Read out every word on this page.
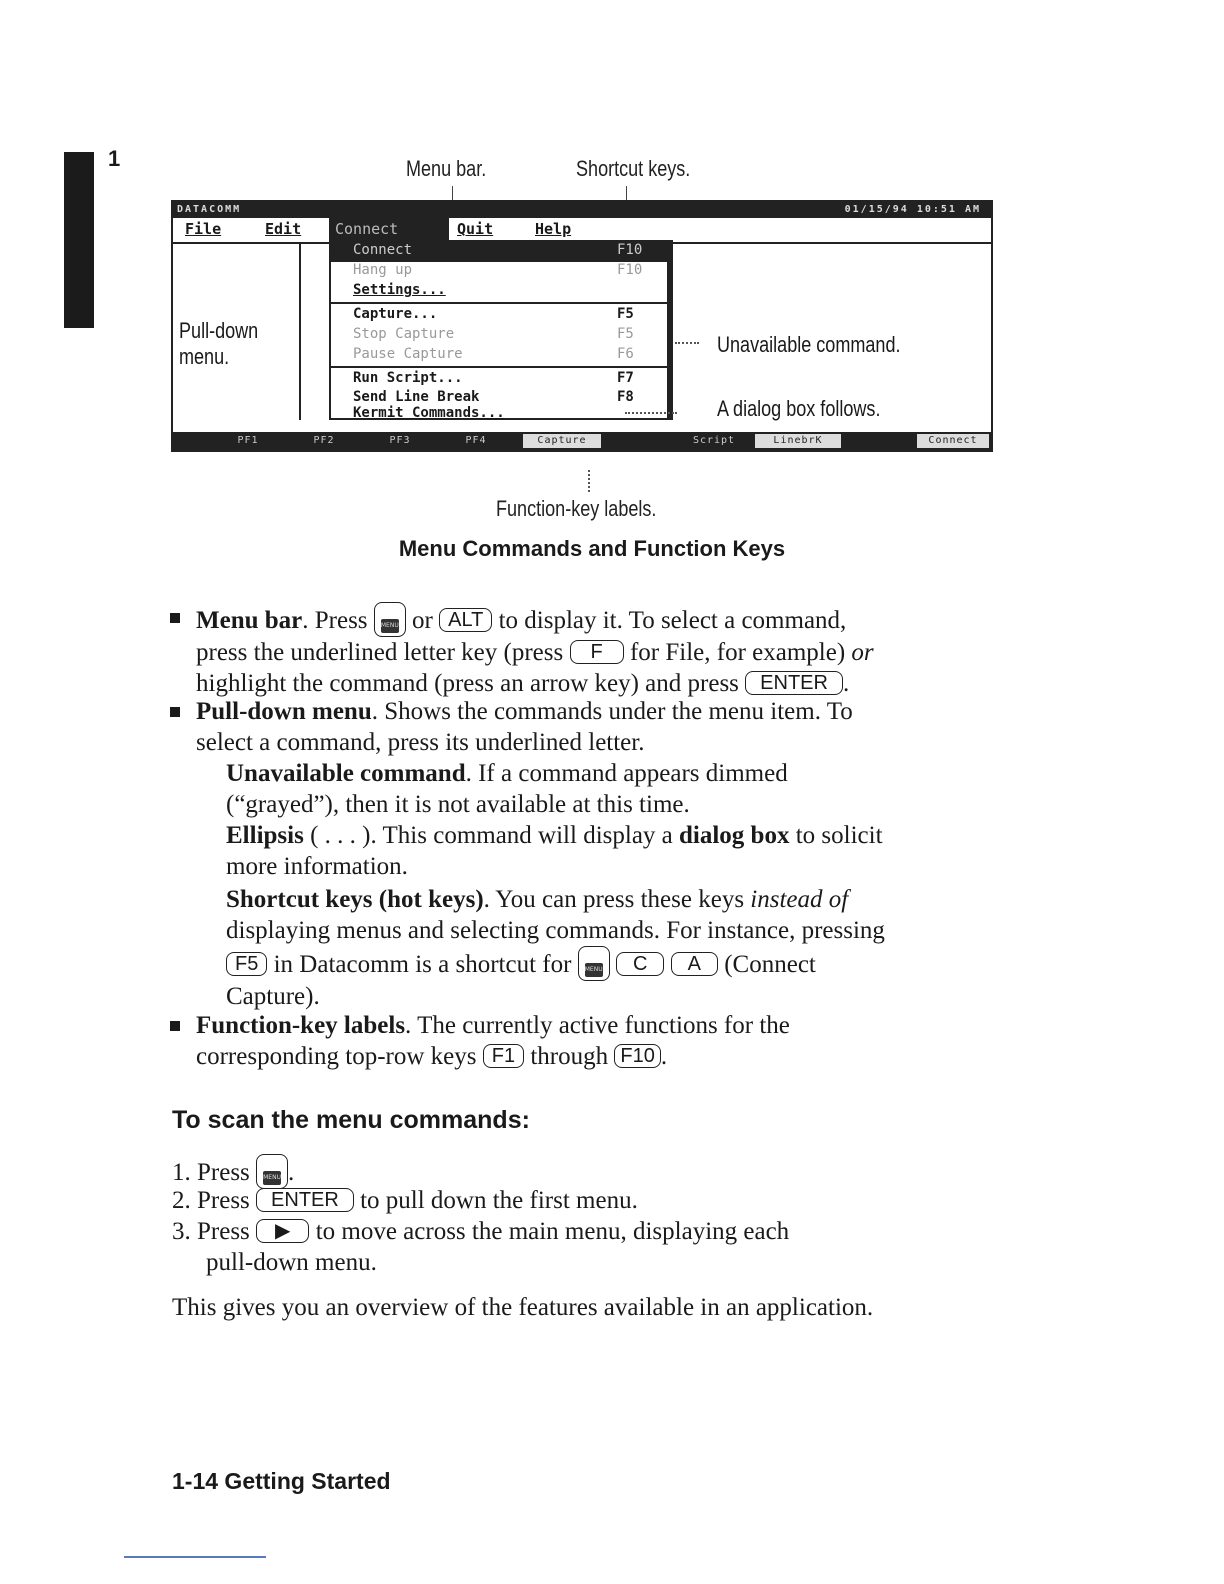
1	Menu bar.	Shortcut keys.
DATACOMM	01/15/94 10:51 AM
File	Edit	Connect	Quit	Help
Connect	F10
Hang up	F10
Settings...
Capture...	F5
Stop Capture	F5
Pause Capture	F6
Run Script...	F7
Send Line Break	F8
Kermit Commands...
PF1	PF2	PF3	PF4	Capture	Script	LinebrK	Connect
Pull-down
menu.	Unavailable command.
A dialog box follows.
Function-key labels.
Menu Commands and Function Keys
Menu bar. Press MENU or ALT to display it. To select a command,
press the underlined letter key (press F for File, for example) or
highlight the command (press an arrow key) and press ENTER .
Pull-down menu. Shows the commands under the menu item. To
select a command, press its underlined letter.
Unavailable command. If a command appears dimmed
(“grayed”), then it is not available at this time.
Ellipsis ( . . . ). This command will display a dialog box to solicit
more information.
Shortcut keys (hot keys). You can press these keys instead of
displaying menus and selecting commands. For instance, pressing
F5 in Datacomm is a shortcut for MENU C A (Connect
Capture).
Function-key labels. The currently active functions for the
corresponding top-row keys F1 through F10 .
To scan the menu commands:
1. Press MENU .
2. Press ENTER to pull down the first menu.
3. Press ▶ to move across the main menu, displaying each
pull-down menu.
This gives you an overview of the features available in an application.
1-14 Getting Started
